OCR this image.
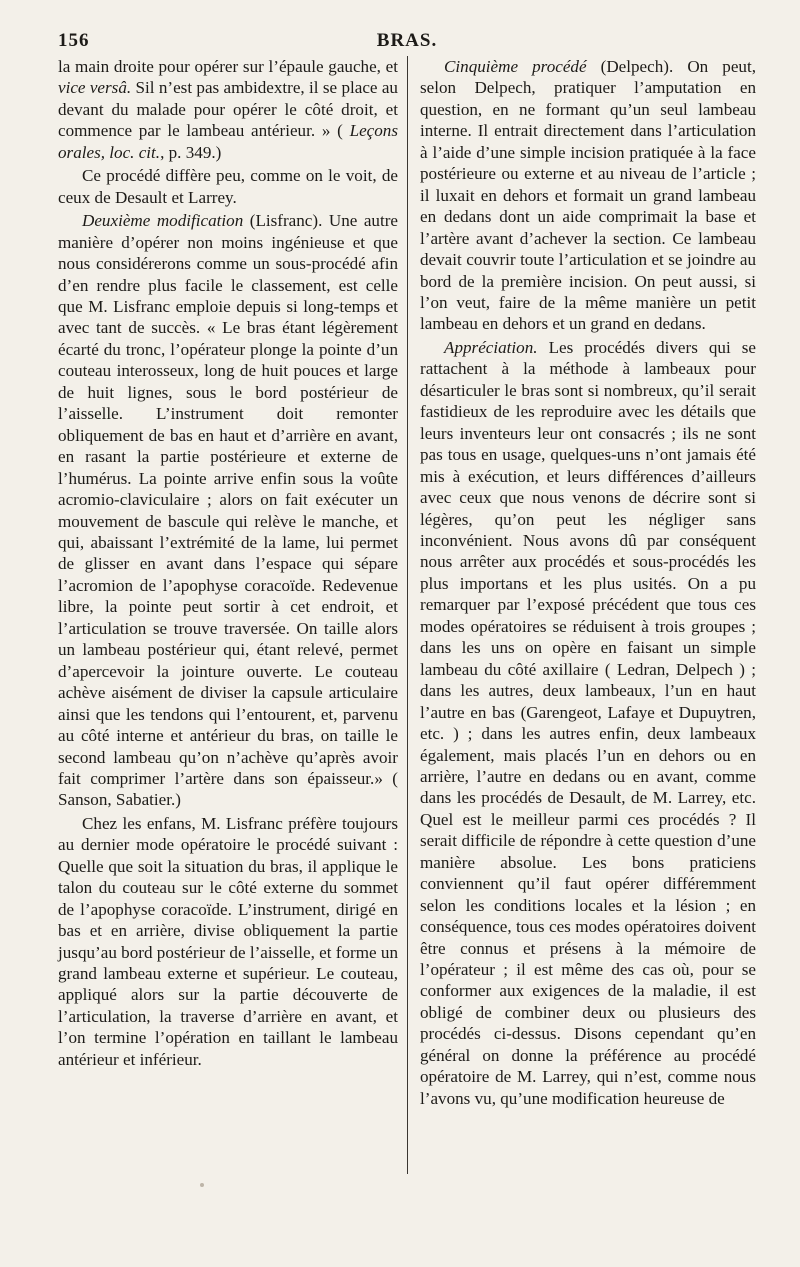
156	BRAS.

la main droite pour opérer sur l’épaule gauche, et vice versâ. Sil n’est pas ambidextre, il se place au devant du malade pour opérer le côté droit, et commence par le lambeau antérieur. » ( Leçons orales, loc. cit., p. 349.)

Ce procédé diffère peu, comme on le voit, de ceux de Desault et Larrey.

Deuxième modification (Lisfranc). Une autre manière d’opérer non moins ingénieuse et que nous considérerons comme un sous-procédé afin d’en rendre plus facile le classement, est celle que M. Lisfranc emploie depuis si long-temps et avec tant de succès. « Le bras étant légèrement écarté du tronc, l’opérateur plonge la pointe d’un couteau interosseux, long de huit pouces et large de huit lignes, sous le bord postérieur de l’aisselle. L’instrument doit remonter obliquement de bas en haut et d’arrière en avant, en rasant la partie postérieure et externe de l’humérus. La pointe arrive enfin sous la voûte acromio-claviculaire ; alors on fait exécuter un mouvement de bascule qui relève le manche, et qui, abaissant l’extrémité de la lame, lui permet de glisser en avant dans l’espace qui sépare l’acromion de l’apophyse coracoïde. Redevenue libre, la pointe peut sortir à cet endroit, et l’articulation se trouve traversée. On taille alors un lambeau postérieur qui, étant relevé, permet d’apercevoir la jointure ouverte. Le couteau achève aisément de diviser la capsule articulaire ainsi que les tendons qui l’entourent, et, parvenu au côté interne et antérieur du bras, on taille le second lambeau qu’on n’achève qu’après avoir fait comprimer l’artère dans son épaisseur.» ( Sanson, Sabatier.)

Chez les enfans, M. Lisfranc préfère toujours au dernier mode opératoire le procédé suivant : Quelle que soit la situation du bras, il applique le talon du couteau sur le côté externe du sommet de l’apophyse coracoïde. L’instrument, dirigé en bas et en arrière, divise obliquement la partie jusqu’au bord postérieur de l’aisselle, et forme un grand lambeau externe et supérieur. Le couteau, appliqué alors sur la partie découverte de l’articulation, la traverse d’arrière en avant, et l’on termine l’opération en taillant le lambeau antérieur et inférieur.

Cinquième procédé (Delpech). On peut, selon Delpech, pratiquer l’amputation en question, en ne formant qu’un seul lambeau interne. Il entrait directement dans l’articulation à l’aide d’une simple incision pratiquée à la face postérieure ou externe et au niveau de l’article ; il luxait en dehors et formait un grand lambeau en dedans dont un aide comprimait la base et l’artère avant d’achever la section. Ce lambeau devait couvrir toute l’articulation et se joindre au bord de la première incision. On peut aussi, si l’on veut, faire de la même manière un petit lambeau en dehors et un grand en dedans.

Appréciation. Les procédés divers qui se rattachent à la méthode à lambeaux pour désarticuler le bras sont si nombreux, qu’il serait fastidieux de les reproduire avec les détails que leurs inventeurs leur ont consacrés ; ils ne sont pas tous en usage, quelques-uns n’ont jamais été mis à exécution, et leurs différences d’ailleurs avec ceux que nous venons de décrire sont si légères, qu’on peut les négliger sans inconvénient. Nous avons dû par conséquent nous arrêter aux procédés et sous-procédés les plus importans et les plus usités. On a pu remarquer par l’exposé précédent que tous ces modes opératoires se réduisent à trois groupes ; dans les uns on opère en faisant un simple lambeau du côté axillaire ( Ledran, Delpech ) ; dans les autres, deux lambeaux, l’un en haut l’autre en bas (Garengeot, Lafaye et Dupuytren, etc. ) ; dans les autres enfin, deux lambeaux également, mais placés l’un en dehors ou en arrière, l’autre en dedans ou en avant, comme dans les procédés de Desault, de M. Larrey, etc. Quel est le meilleur parmi ces procédés ? Il serait difficile de répondre à cette question d’une manière absolue. Les bons praticiens conviennent qu’il faut opérer différemment selon les conditions locales et la lésion ; en conséquence, tous ces modes opératoires doivent être connus et présens à la mémoire de l’opérateur ; il est même des cas où, pour se conformer aux exigences de la maladie, il est obligé de combiner deux ou plusieurs des procédés ci-dessus. Disons cependant qu’en général on donne la préférence au procédé opératoire de M. Larrey, qui n’est, comme nous l’avons vu, qu’une modification heureuse de
